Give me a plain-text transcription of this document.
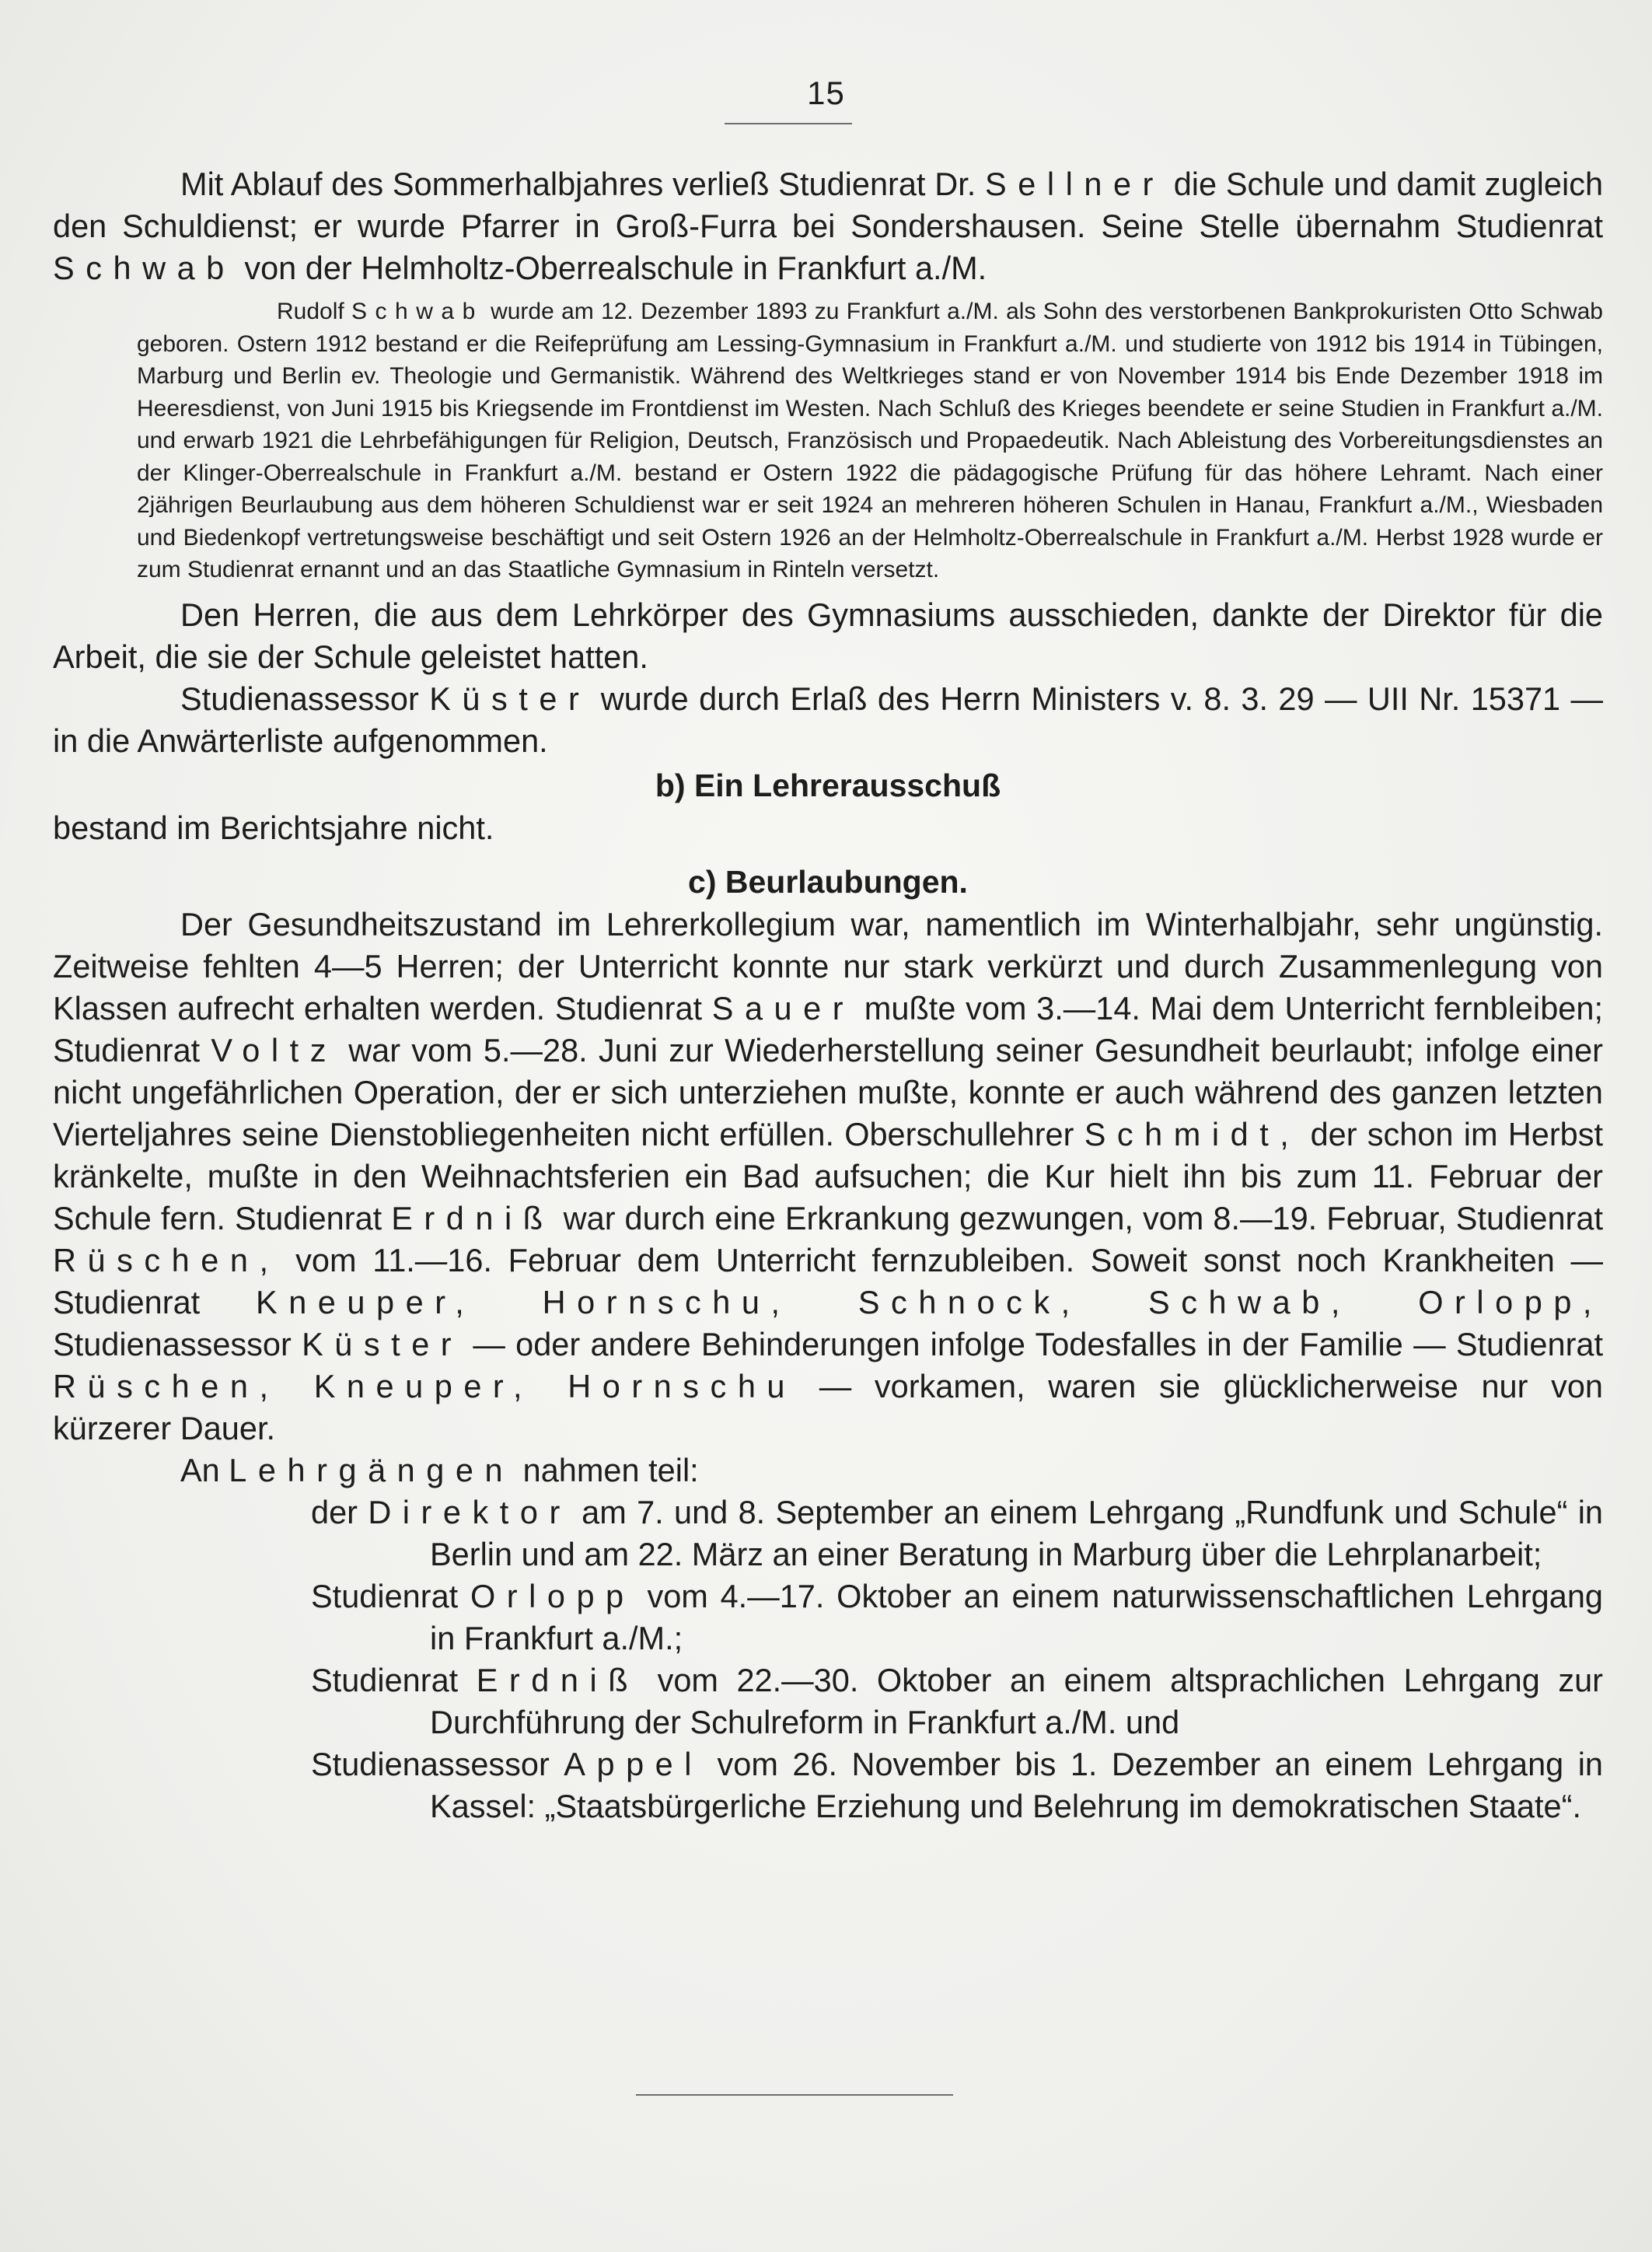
15

Mit Ablauf des Sommerhalbjahres verließ Studienrat Dr. Sellner die Schule und damit zugleich den Schuldienst; er wurde Pfarrer in Groß-Furra bei Sondershausen. Seine Stelle übernahm Studienrat Schwab von der Helmholtz-Oberrealschule in Frankfurt a./M.

Rudolf Schwab wurde am 12. Dezember 1893 zu Frankfurt a./M. als Sohn des verstorbenen Bankprokuristen Otto Schwab geboren. Ostern 1912 bestand er die Reifeprüfung am Lessing-Gymnasium in Frankfurt a./M. und studierte von 1912 bis 1914 in Tübingen, Marburg und Berlin ev. Theologie und Germanistik. Während des Weltkrieges stand er von November 1914 bis Ende Dezember 1918 im Heeresdienst, von Juni 1915 bis Kriegsende im Frontdienst im Westen. Nach Schluß des Krieges beendete er seine Studien in Frankfurt a./M. und erwarb 1921 die Lehrbefähigungen für Religion, Deutsch, Französisch und Propaedeutik. Nach Ableistung des Vorbereitungsdienstes an der Klinger-Oberrealschule in Frankfurt a./M. bestand er Ostern 1922 die pädagogische Prüfung für das höhere Lehramt. Nach einer 2jährigen Beurlaubung aus dem höheren Schuldienst war er seit 1924 an mehreren höheren Schulen in Hanau, Frankfurt a./M., Wiesbaden und Biedenkopf vertretungsweise beschäftigt und seit Ostern 1926 an der Helmholtz-Oberrealschule in Frankfurt a./M. Herbst 1928 wurde er zum Studienrat ernannt und an das Staatliche Gymnasium in Rinteln versetzt.

Den Herren, die aus dem Lehrkörper des Gymnasiums ausschieden, dankte der Direktor für die Arbeit, die sie der Schule geleistet hatten.

Studienassessor Küster wurde durch Erlaß des Herrn Ministers v. 8. 3. 29 — UII Nr. 15371 — in die Anwärterliste aufgenommen.

b) Ein Lehrerausschuß

bestand im Berichtsjahre nicht.

c) Beurlaubungen.

Der Gesundheitszustand im Lehrerkollegium war, namentlich im Winterhalbjahr, sehr ungünstig. Zeitweise fehlten 4—5 Herren; der Unterricht konnte nur stark verkürzt und durch Zusammenlegung von Klassen aufrecht erhalten werden. Studienrat Sauer mußte vom 3.—14. Mai dem Unterricht fernbleiben; Studienrat Voltz war vom 5.—28. Juni zur Wiederherstellung seiner Gesundheit beurlaubt; infolge einer nicht ungefährlichen Operation, der er sich unterziehen mußte, konnte er auch während des ganzen letzten Vierteljahres seine Dienstobliegenheiten nicht erfüllen. Oberschullehrer Schmidt, der schon im Herbst kränkelte, mußte in den Weihnachtsferien ein Bad aufsuchen; die Kur hielt ihn bis zum 11. Februar der Schule fern. Studienrat Erdniß war durch eine Erkrankung gezwungen, vom 8.—19. Februar, Studienrat Rüschen, vom 11.—16. Februar dem Unterricht fernzubleiben. Soweit sonst noch Krankheiten — Studienrat Kneuper, Hornschu, Schnock, Schwab, Orlopp, Studienassessor Küster — oder andere Behinderungen infolge Todesfalles in der Familie — Studienrat Rüschen, Kneuper, Hornschu — vorkamen, waren sie glücklicherweise nur von kürzerer Dauer.

An Lehrgängen nahmen teil:

der Direktor am 7. und 8. September an einem Lehrgang „Rundfunk und Schule“ in Berlin und am 22. März an einer Beratung in Marburg über die Lehrplanarbeit;

Studienrat Orlopp vom 4.—17. Oktober an einem naturwissenschaftlichen Lehrgang in Frankfurt a./M.;

Studienrat Erdniß vom 22.—30. Oktober an einem altsprachlichen Lehrgang zur Durchführung der Schulreform in Frankfurt a./M. und

Studienassessor Appel vom 26. November bis 1. Dezember an einem Lehrgang in Kassel: „Staatsbürgerliche Erziehung und Belehrung im demokratischen Staate“.
